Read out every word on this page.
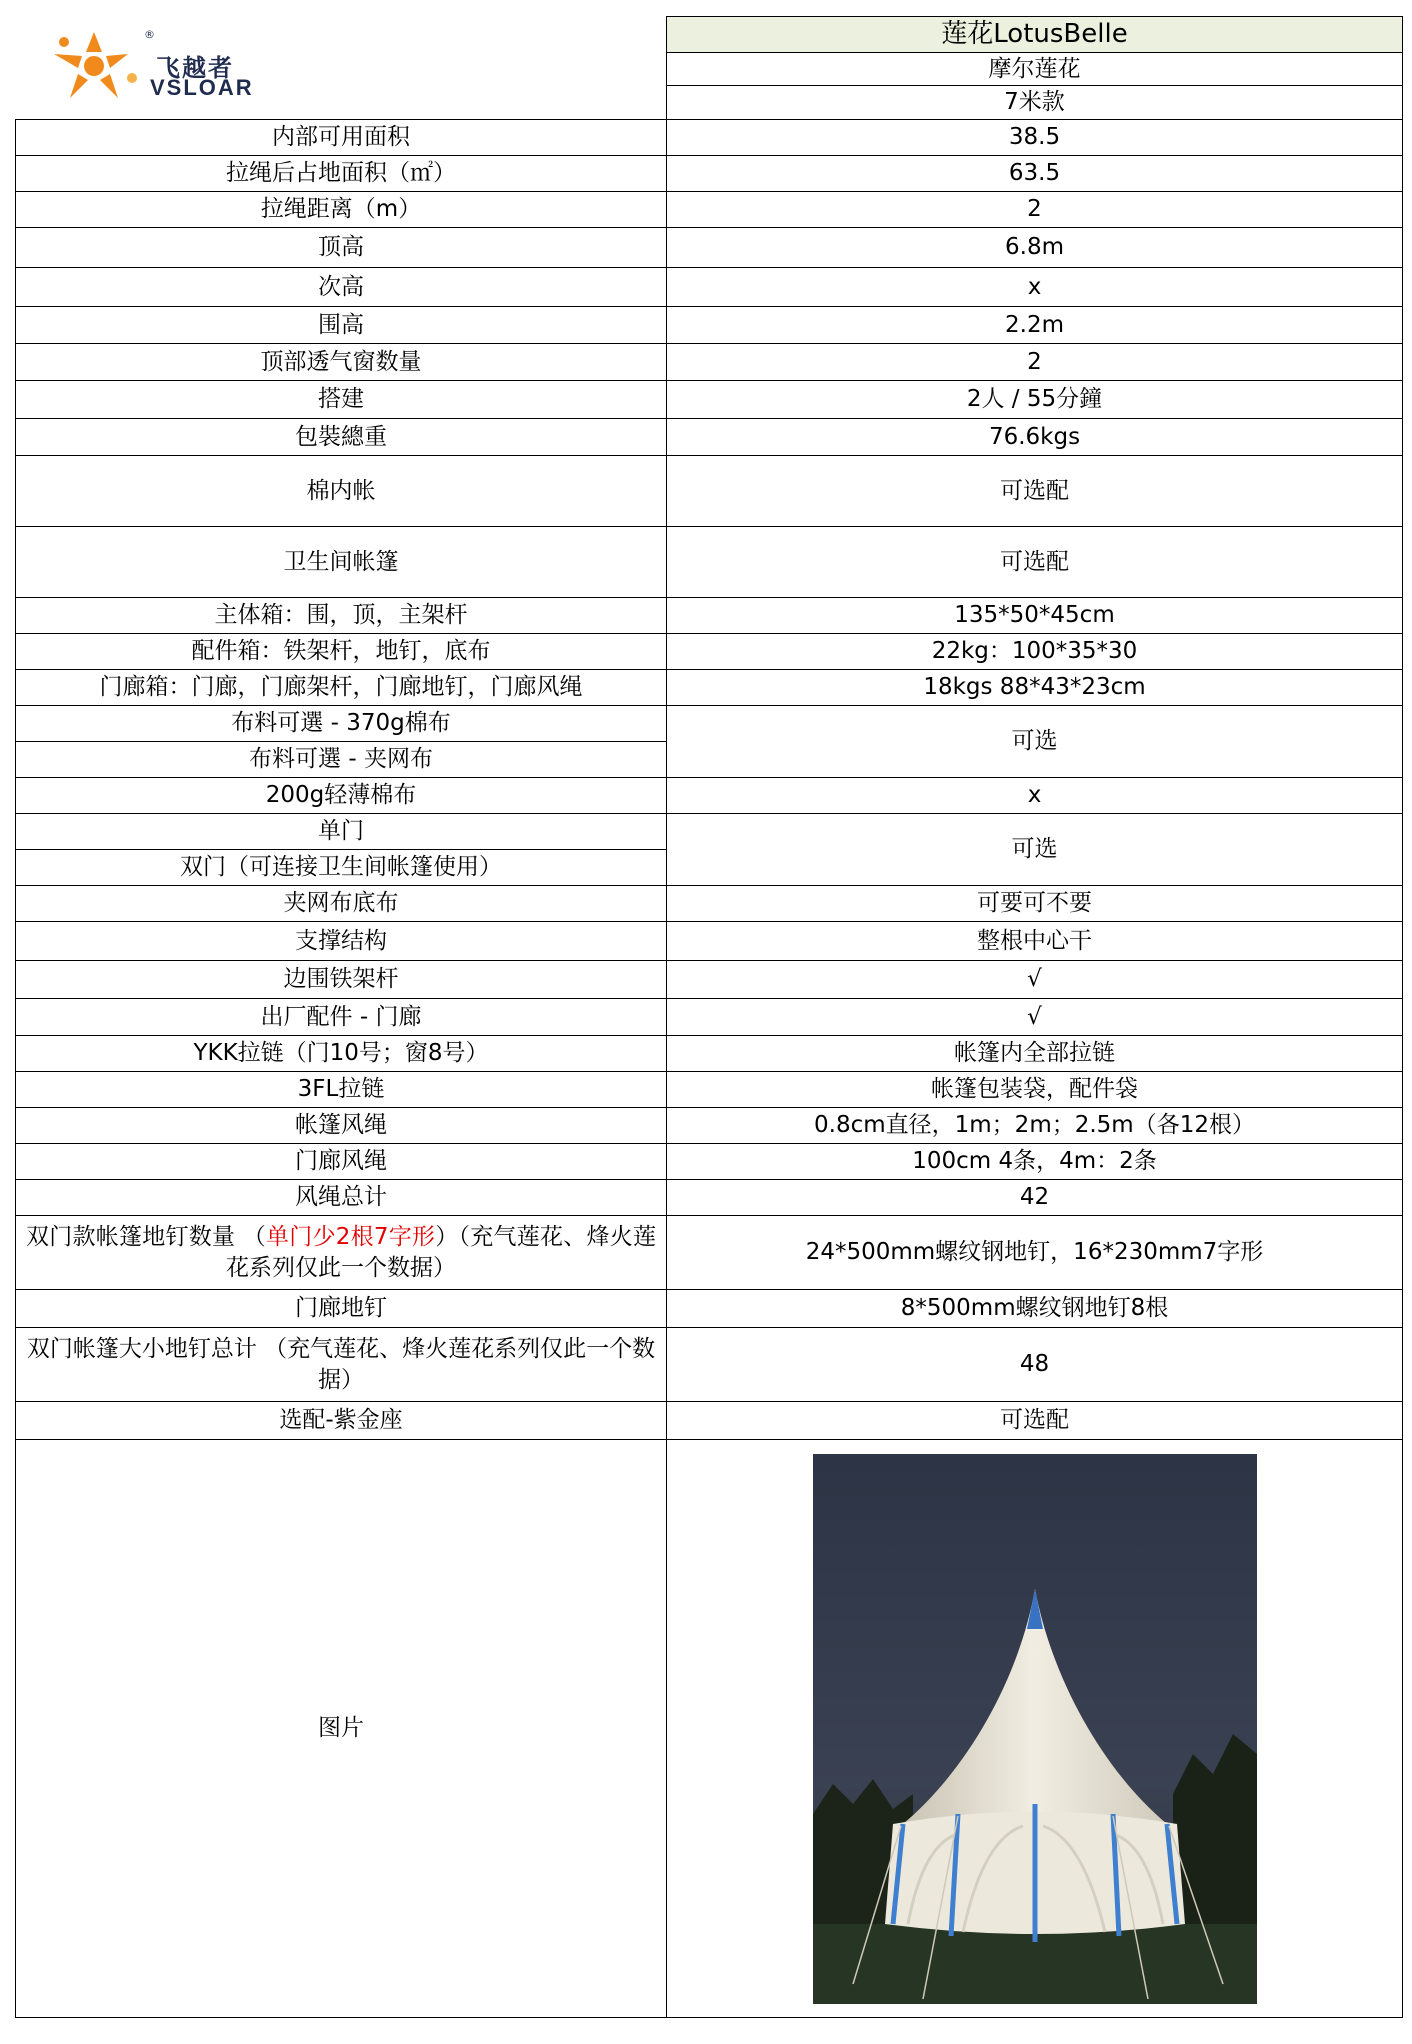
®
飞越者
VSLOAR
	莲花LotusBelle
	摩尔莲花
	7米款
内部可用面积	38.5
拉绳后占地面积（㎡）	63.5
拉绳距离（m）	2
顶高	6.8m
次高	x
围高	2.2m
顶部透气窗数量	2
搭建	2人 / 55分鐘
包裝總重	76.6kgs
棉内帐	可选配
卫生间帐篷	可选配
主体箱：围，顶，主架杆	135*50*45cm
配件箱：铁架杆，地钉，底布	22kg：100*35*30
门廊箱：门廊，门廊架杆，门廊地钉，门廊风绳	18kgs 88*43*23cm
布料可選 - 370g棉布	可选
布料可選 - 夹网布	
200g轻薄棉布	x
单门	可选
双门（可连接卫生间帐篷使用）	
夹网布底布	可要可不要
支撑结构	整根中心干
边围铁架杆	√
出厂配件 - 门廊	√
YKK拉链（门10号；窗8号）	帐篷内全部拉链
3FL拉链	帐篷包装袋，配件袋
帐篷风绳	0.8cm直径，1m；2m；2.5m（各12根）
门廊风绳	100cm 4条，4m：2条
风绳总计	42
双门款帐篷地钉数量 （单门少2根7字形）（充气莲花、烽火莲花系列仅此一个数据）	24*500mm螺纹钢地钉，16*230mm7字形
门廊地钉	8*500mm螺纹钢地钉8根
双门帐篷大小地钉总计 （充气莲花、烽火莲花系列仅此一个数据）	48
选配-紫金座	可选配
图片	
